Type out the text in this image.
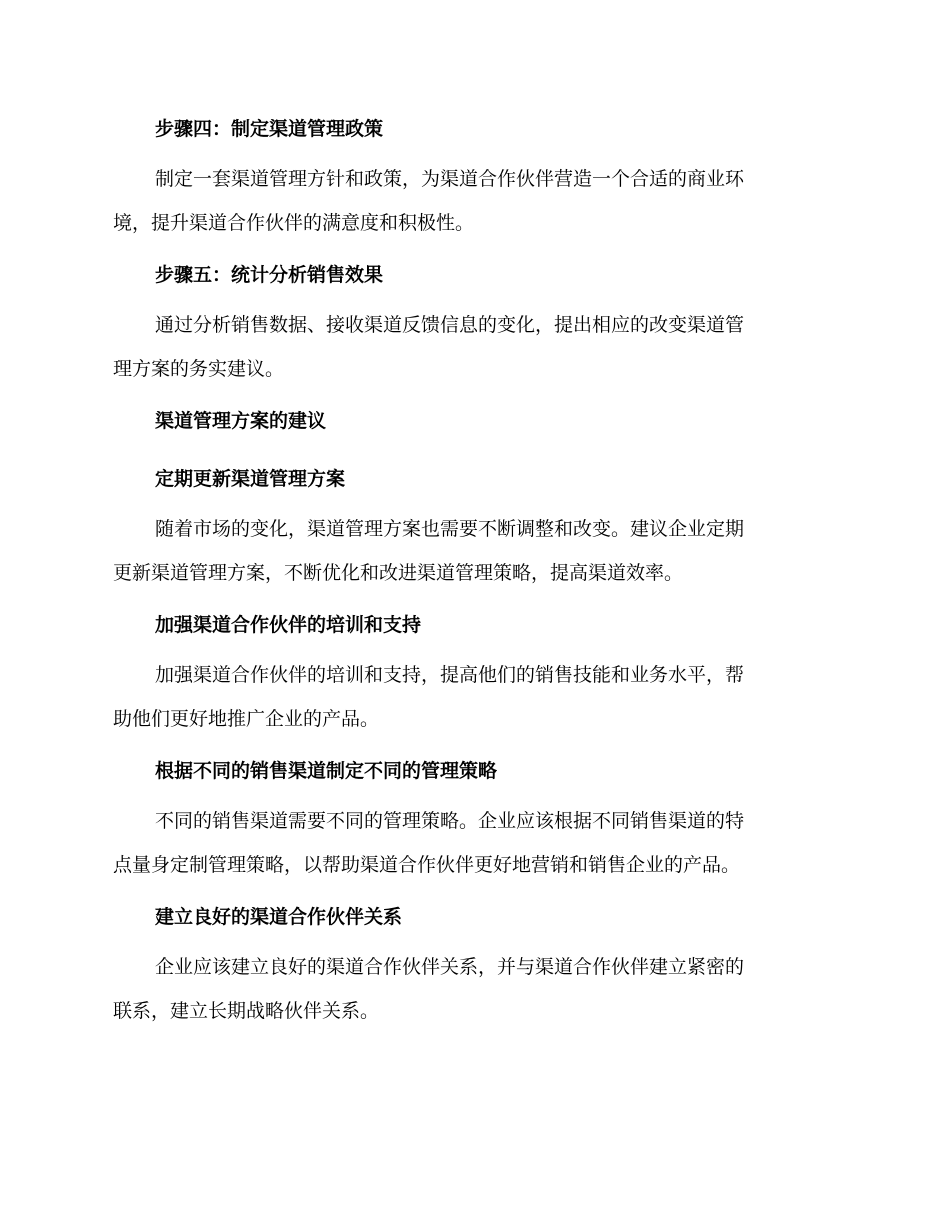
步骤四：制定渠道管理政策

制定一套渠道管理方针和政策，为渠道合作伙伴营造一个合适的商业环
境，提升渠道合作伙伴的满意度和积极性。

步骤五：统计分析销售效果

通过分析销售数据、接收渠道反馈信息的变化，提出相应的改变渠道管
理方案的务实建议。

渠道管理方案的建议
定期更新渠道管理方案

随着市场的变化，渠道管理方案也需要不断调整和改变。建议企业定期
更新渠道管理方案，不断优化和改进渠道管理策略，提高渠道效率。

加强渠道合作伙伴的培训和支持

加强渠道合作伙伴的培训和支持，提高他们的销售技能和业务水平，帮
助他们更好地推广企业的产品。

根据不同的销售渠道制定不同的管理策略

不同的销售渠道需要不同的管理策略。企业应该根据不同销售渠道的特
点量身定制管理策略，以帮助渠道合作伙伴更好地营销和销售企业的产品。

建立良好的渠道合作伙伴关系

企业应该建立良好的渠道合作伙伴关系，并与渠道合作伙伴建立紧密的
联系，建立长期战略伙伴关系。
